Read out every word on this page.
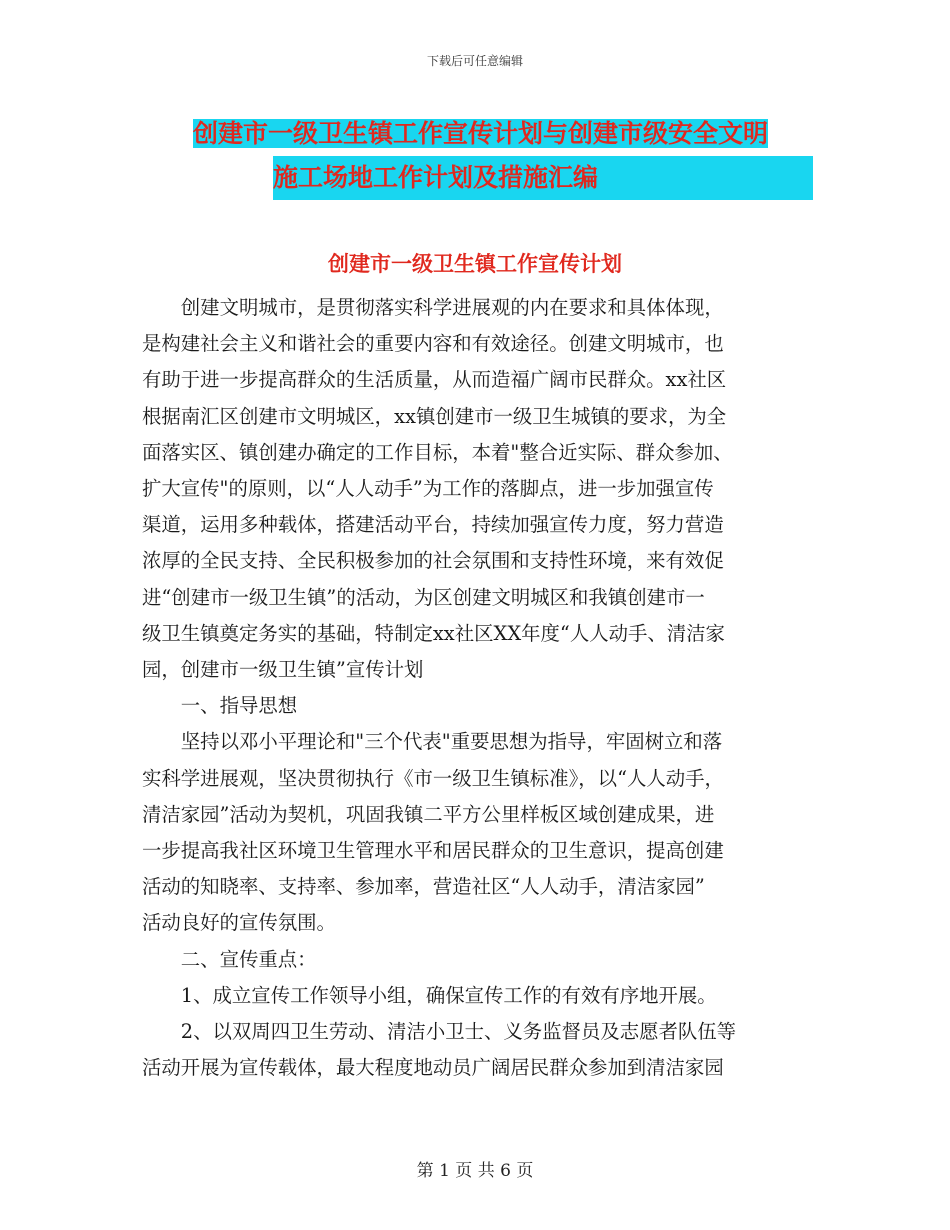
下载后可任意编辑
创建市一级卫生镇工作宣传计划与创建市级安全文明
施工场地工作计划及措施汇编
创建市一级卫生镇工作宣传计划

创建文明城市，是贯彻落实科学进展观的内在要求和具体体现，
是构建社会主义和谐社会的重要内容和有效途径。创建文明城市，也
有助于进一步提高群众的生活质量，从而造福广阔市民群众。xx社区
根据南汇区创建市文明城区，xx镇创建市一级卫生城镇的要求，为全
面落实区、镇创建办确定的工作目标，本着"整合近实际、群众参加、
扩大宣传"的原则，以“人人动手”为工作的落脚点，进一步加强宣传
渠道，运用多种载体，搭建活动平台，持续加强宣传力度，努力营造
浓厚的全民支持、全民积极参加的社会氛围和支持性环境，来有效促
进“创建市一级卫生镇”的活动，为区创建文明城区和我镇创建市一
级卫生镇奠定务实的基础，特制定xx社区XX年度“人人动手、清洁家
园，创建市一级卫生镇”宣传计划

一、指导思想

坚持以邓小平理论和"三个代表"重要思想为指导，牢固树立和落
实科学进展观，坚决贯彻执行《市一级卫生镇标准》，以“人人动手，
清洁家园”活动为契机，巩固我镇二平方公里样板区域创建成果，进
一步提高我社区环境卫生管理水平和居民群众的卫生意识，提高创建
活动的知晓率、支持率、参加率，营造社区“人人动手，清洁家园”
活动良好的宣传氛围。

二、宣传重点：

1、成立宣传工作领导小组，确保宣传工作的有效有序地开展。

2、以双周四卫生劳动、清洁小卫士、义务监督员及志愿者队伍等
活动开展为宣传载体，最大程度地动员广阔居民群众参加到清洁家园

第 1 页 共 6 页
